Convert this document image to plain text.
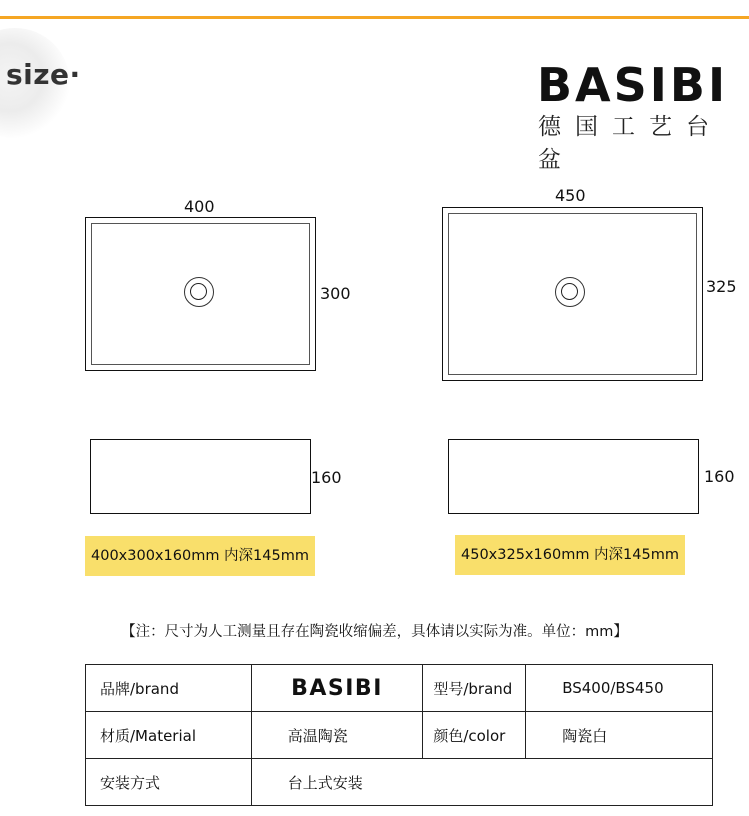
size·	BASIBI
德国工艺台盆
400
300
450
325
160	160
400x300x160mm 内深145mm	450x325x160mm 内深145mm
【注：尺寸为人工测量且存在陶瓷收缩偏差，具体请以实际为准。单位：mm】
品牌/brand	BASIBI	型号/brand	BS400/BS450
材质/Material	高温陶瓷	颜色/color	陶瓷白
安装方式	台上式安装		
